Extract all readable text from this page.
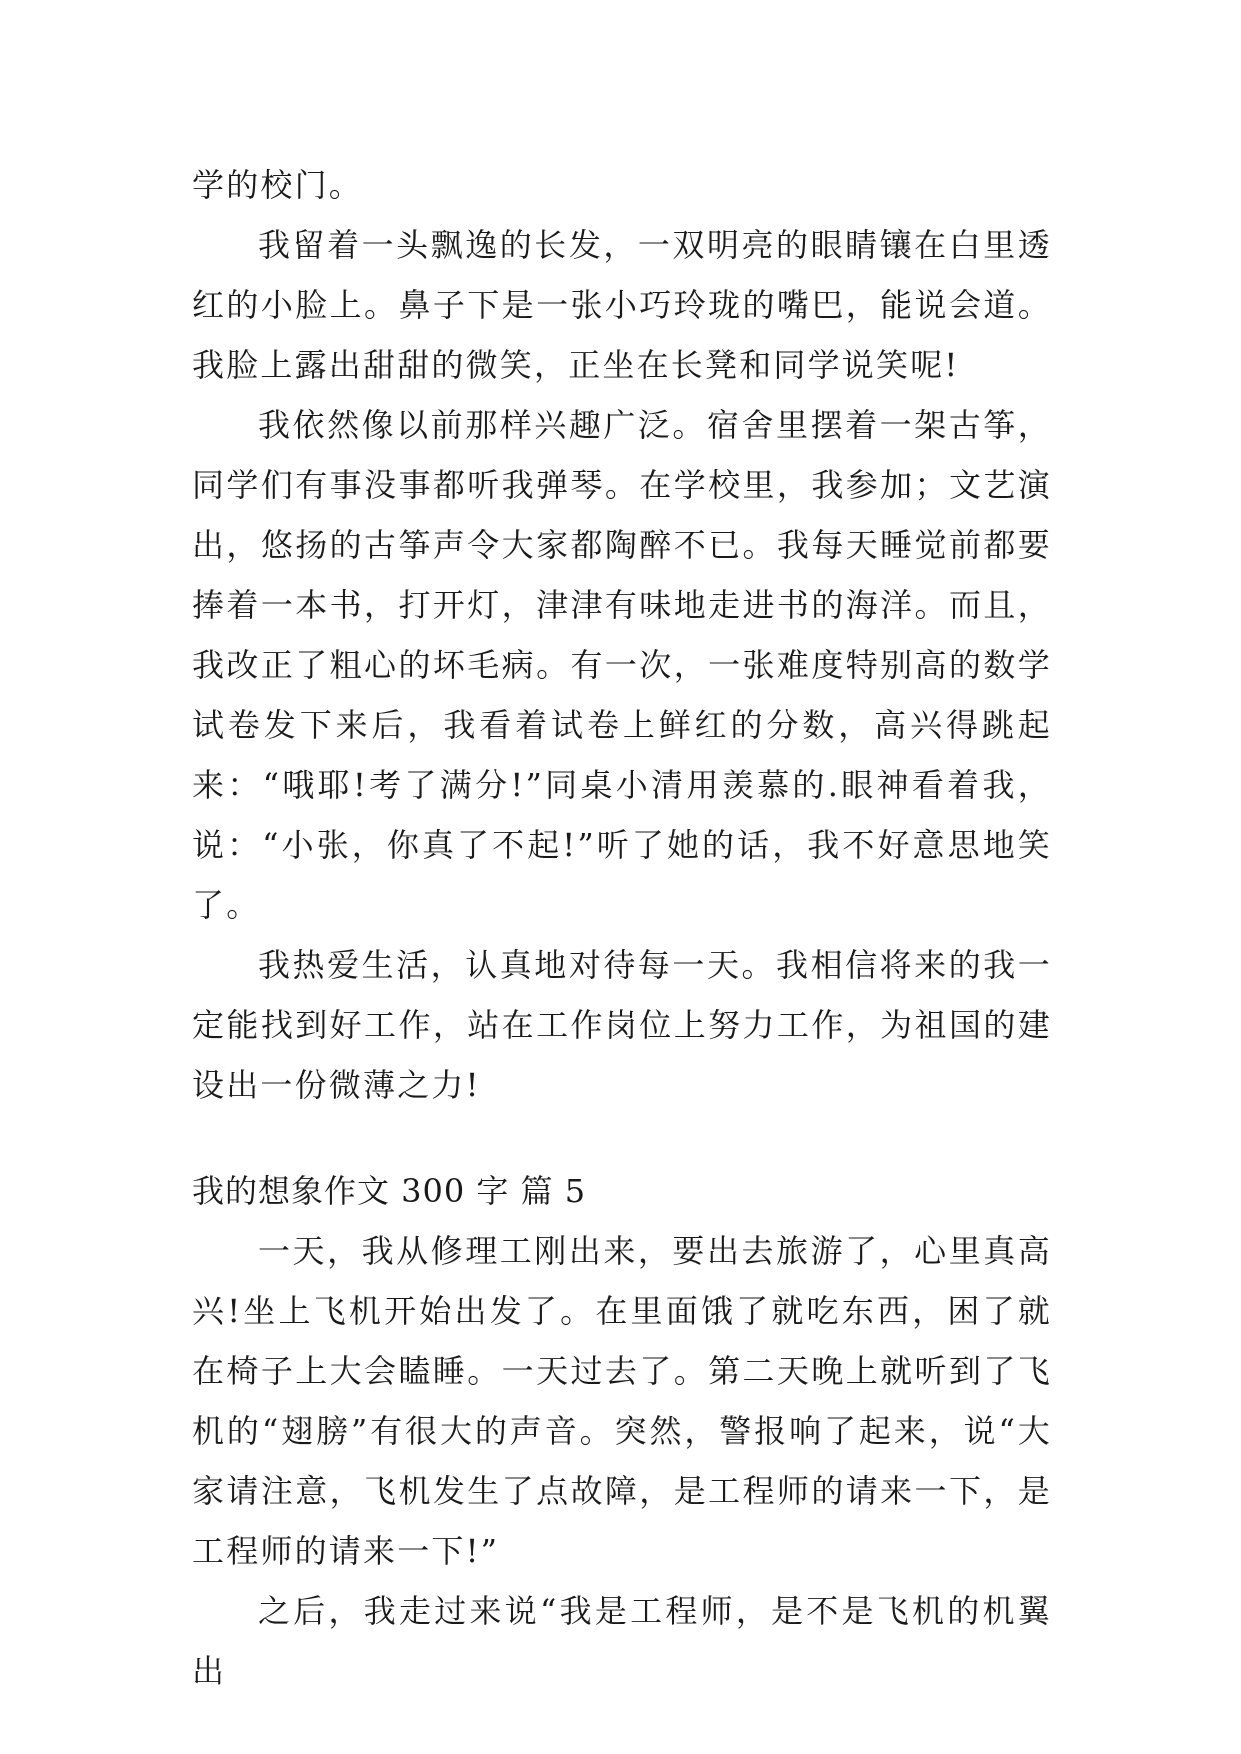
学的校门。

我留着一头飘逸的长发，一双明亮的眼睛镶在白里透红的小脸上。鼻子下是一张小巧玲珑的嘴巴，能说会道。我脸上露出甜甜的微笑，正坐在长凳和同学说笑呢!

我依然像以前那样兴趣广泛。宿舍里摆着一架古筝，同学们有事没事都听我弹琴。在学校里，我参加；文艺演出，悠扬的古筝声令大家都陶醉不已。我每天睡觉前都要捧着一本书，打开灯，津津有味地走进书的海洋。而且，我改正了粗心的坏毛病。有一次，一张难度特别高的数学试卷发下来后，我看着试卷上鲜红的分数，高兴得跳起来：“哦耶!考了满分!”同桌小清用羡慕的.眼神看着我，说：“小张，你真了不起!”听了她的话，我不好意思地笑了。

我热爱生活，认真地对待每一天。我相信将来的我一定能找到好工作，站在工作岗位上努力工作，为祖国的建设出一份微薄之力!

我的想象作文 300 字 篇 5

一天，我从修理工刚出来，要出去旅游了，心里真高兴!坐上飞机开始出发了。在里面饿了就吃东西，困了就在椅子上大会瞌睡。一天过去了。第二天晚上就听到了飞机的“翅膀”有很大的声音。突然，警报响了起来，说“大家请注意，飞机发生了点故障，是工程师的请来一下，是工程师的请来一下!”

之后，我走过来说“我是工程师，是不是飞机的机翼出
